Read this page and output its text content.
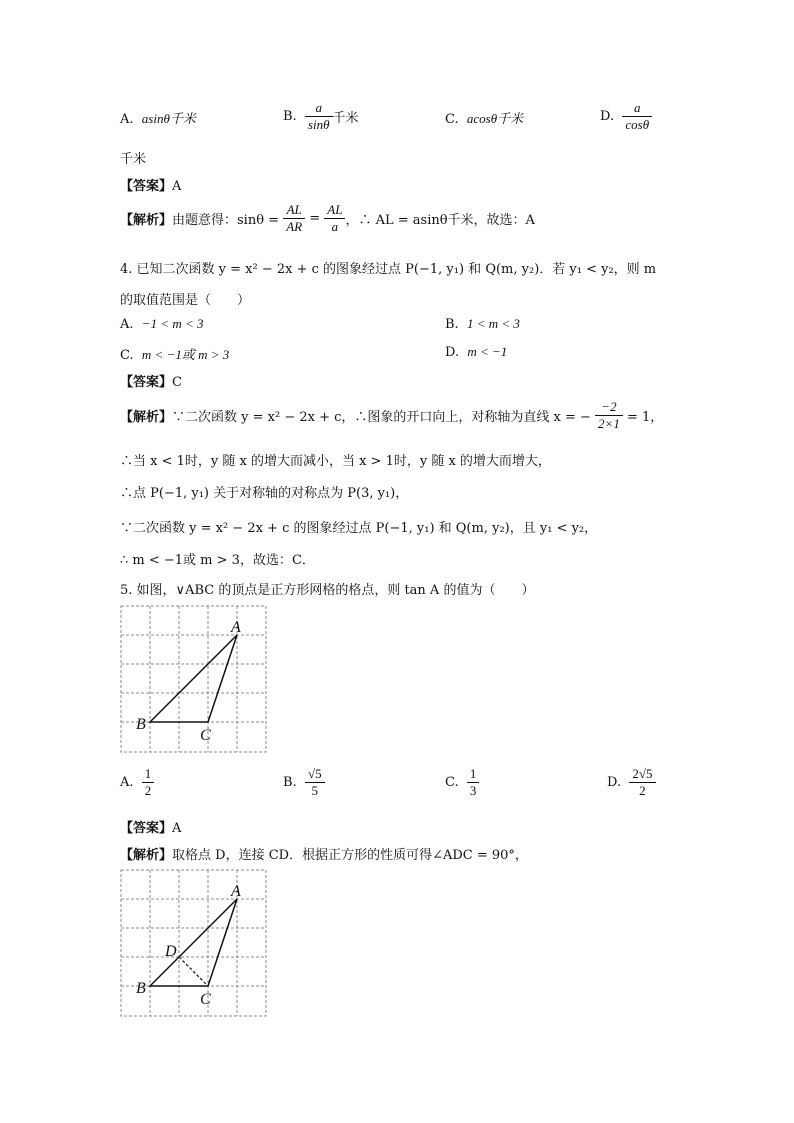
A. asinθ千米	B. $\frac{a}{\sin\theta}$ 千米	C. acosθ千米	D. $\frac{a}{\cos\theta}$
千米
【答案】A
【解析】由题意得：$\sin\theta = \frac{AL}{AR} = \frac{AL}{a}$ ，∴ AL = asinθ千米，故选：A
4. 已知二次函数 y = x² − 2x + c 的图象经过点 P(−1, y₁) 和 Q(m, y₂)．若 y₁ < y₂，则 m
的取值范围是（　　）
A. −1 < m < 3	B. 1 < m < 3
C. m < −1或 m > 3	D. m < −1
【答案】C
【解析】∵二次函数 y = x² − 2x + c，∴图象的开口向上，对称轴为直线 x = − $\frac{-2}{2\times 1} = 1$，
∴当 x < 1时，y 随 x 的增大而减小，当 x > 1时，y 随 x 的增大而增大，
∴点 P(−1, y₁) 关于对称轴的对称点为 P(3, y₁)，
∵二次函数 y = x² − 2x + c 的图象经过点 P(−1, y₁) 和 Q(m, y₂)，且 y₁ < y₂，
∴ m < −1或 m > 3，故选：C．
5. 如图，∨ABC 的顶点是正方形网格的格点，则 tan A 的值为（　　）
A
B
C
A. $\frac{1}{2}$	B. $\frac{√5}{5}$	C. $\frac{1}{3}$	D. $\frac{2√5}{2}$
【答案】A
【解析】取格点 D，连接 CD．根据正方形的性质可得∠ADC = 90°，
A
B
C
D
